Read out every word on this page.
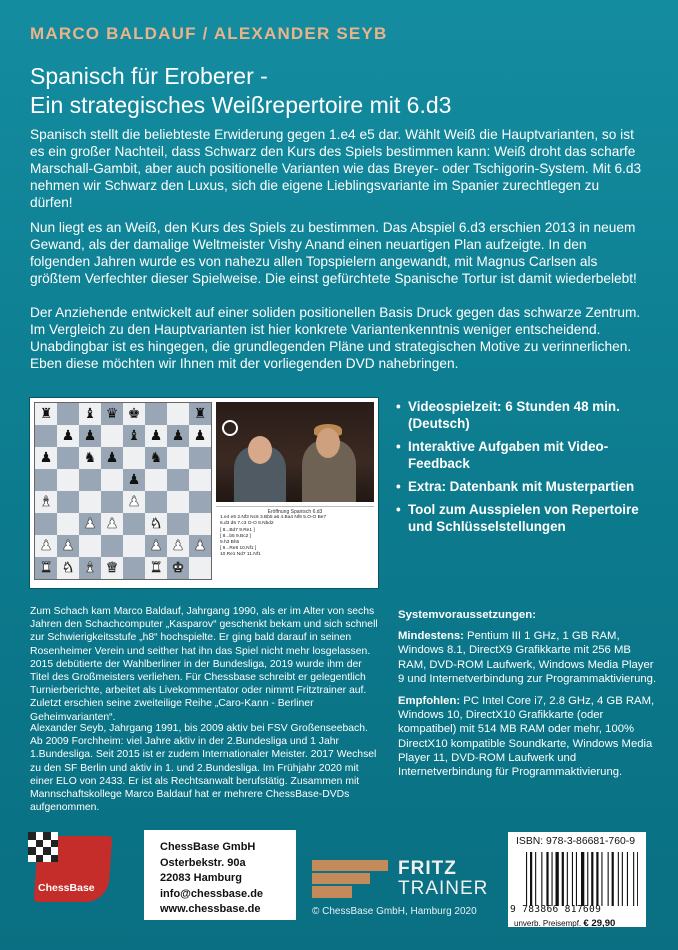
MARCO BALDAUF / ALEXANDER SEYB
Spanisch für Eroberer -
Ein strategisches Weißrepertoire mit 6.d3
Spanisch stellt die beliebteste Erwiderung gegen 1.e4 e5 dar. Wählt Weiß die Hauptvarianten, so ist es ein großer Nachteil, dass Schwarz den Kurs des Spiels bestimmen kann: Weiß droht das scharfe Marschall-Gambit, aber auch positionelle Varianten wie das Breyer- oder Tschigorin-System. Mit 6.d3 nehmen wir Schwarz den Luxus, sich die eigene Lieblingsvariante im Spanier zurechtlegen zu dürfen!
Nun liegt es an Weiß, den Kurs des Spiels zu bestimmen. Das Abspiel 6.d3 erschien 2013 in neuem Gewand, als der damalige Weltmeister Vishy Anand einen neuartigen Plan aufzeigte. In den folgenden Jahren wurde es von nahezu allen Topspielern angewandt, mit Magnus Carlsen als größtem Verfechter dieser Spielweise. Die einst gefürchtete Spanische Tortur ist damit wiederbelebt!
Der Anziehende entwickelt auf einer soliden positionellen Basis Druck gegen das schwarze Zentrum. Im Vergleich zu den Hauptvarianten ist hier konkrete Variantenkenntnis weniger entscheidend. Unabdingbar ist es hingegen, die grundlegenden Pläne und strategischen Motive zu verinnerlichen. Eben diese möchten wir Ihnen mit der vorliegenden DVD nahebringen.
♜ ♝ ♛ ♚	♜
♟ ♟ ♝ ♟ ♟ ♟
♟ ♞ ♟ ♞
♟
♝	♟
♟ ♟ ♞
♟ ♟	♟ ♟ ♟
♜ ♞ ♝ ♛ ♜ ♚
Eröffnung Spanisch 6.d3
1.e4 e5 2.Nf3 Nc6 3.Bb5 a6 4.Ba4 Nf6 5.O-O Be7
6.d3 d6 7.c3 O-O 8.Nbd2
[ 8...Bd7 9.Re1 ]
[ 8...b5 9.Bc2 ]
9.h3 Bh5
[ 9...Re8 10.Nf1 ]
10.Re1 Nd7 11.Nf1
• Videospielzeit: 6 Stunden 48 min. (Deutsch)
• Interaktive Aufgaben mit Video-Feedback
• Extra: Datenbank mit Musterpartien
• Tool zum Ausspielen von Repertoire und Schlüsselstellungen
Zum Schach kam Marco Baldauf, Jahrgang 1990, als er im Alter von sechs Jahren den Schachcomputer „Kasparov“ geschenkt bekam und sich schnell zur Schwierigkeitsstufe „h8“ hochspielte. Er ging bald darauf in seinen Rosenheimer Verein und seither hat ihn das Spiel nicht mehr losgelassen. 2015 debütierte der Wahlberliner in der Bundesliga, 2019 wurde ihm der Titel des Großmeisters verliehen. Für Chessbase schreibt er gelegentlich Turnierberichte, arbeitet als Livekommentator oder nimmt Fritztrainer auf. Zuletzt erschien seine zweiteilige Reihe „Caro-Kann - Berliner Geheimvarianten“.
Alexander Seyb, Jahrgang 1991, bis 2009 aktiv bei FSV Großenseebach. Ab 2009 Forchheim: viel Jahre aktiv in der 2.Bundesliga und 1 Jahr 1.Bundesliga. Seit 2015 ist er zudem Internationaler Meister. 2017 Wechsel zu den SF Berlin und aktiv in 1. und 2.Bundesliga. Im Frühjahr 2020 mit einer ELO von 2433. Er ist als Rechtsanwalt berufstätig. Zusammen mit Mannschaftskollege Marco Baldauf hat er mehrere ChessBase-DVDs aufgenommen.
Systemvoraussetzungen:
Mindestens: Pentium III 1 GHz, 1 GB RAM, Windows 8.1, DirectX9 Grafikkarte mit 256 MB RAM, DVD-ROM Laufwerk, Windows Media Player 9 und Internetverbindung zur Programmaktivierung.
Empfohlen: PC Intel Core i7, 2.8 GHz, 4 GB RAM, Windows 10, DirectX10 Grafikkarte (oder kompatibel) mit 514 MB RAM oder mehr, 100% DirectX10 kompatible Soundkarte, Windows Media Player 11, DVD-ROM Laufwerk und Internetverbindung für Programmaktivierung.
ChessBase
ChessBase GmbH
Osterbekstr. 90a
22083 Hamburg
info@chessbase.de
www.chessbase.de
FRITZ
TRAINER
© ChessBase GmbH, Hamburg 2020
ISBN: 978-3-86681-760-9
9 783866 817609
unverb. Preisempf. € 29,90
